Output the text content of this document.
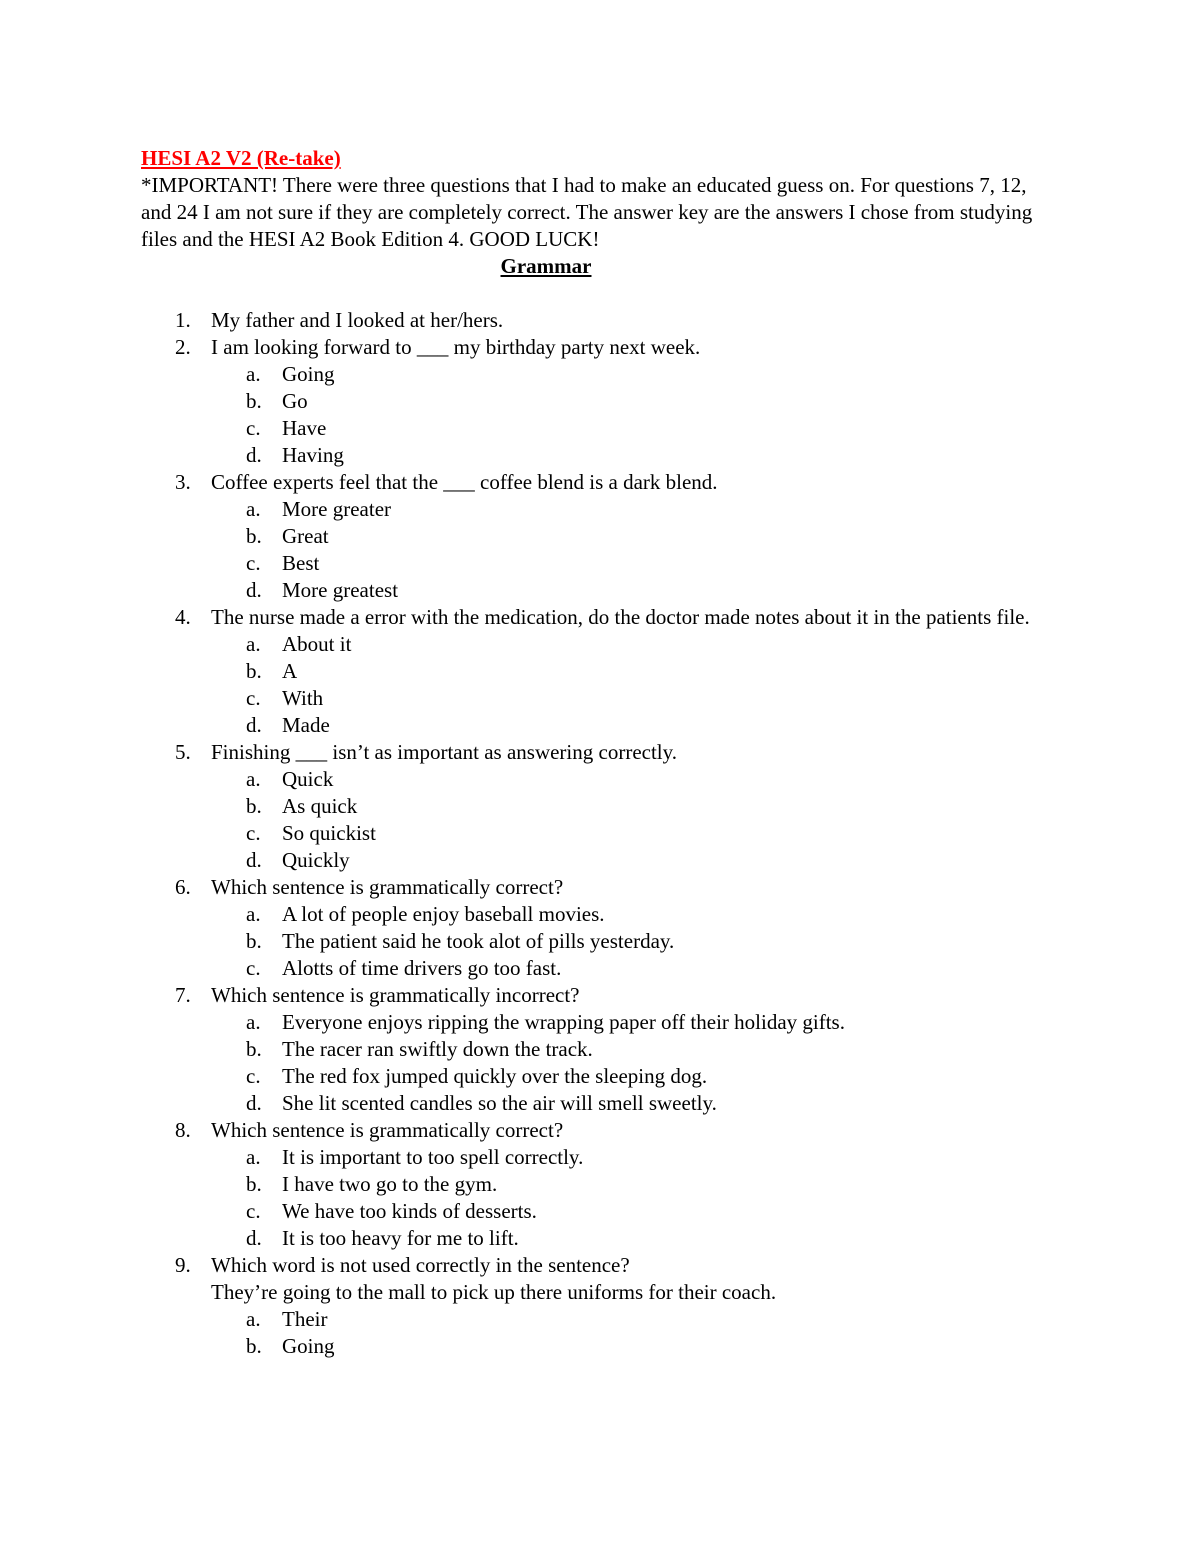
HESI A2 V2 (Re-take)

*IMPORTANT! There were three questions that I had to make an educated guess on. For questions 7, 12, and 24 I am not sure if they are completely correct. The answer key are the answers I chose from studying files and the HESI A2 Book Edition 4. GOOD LUCK!

Grammar
1. My father and I looked at her/hers.
2. I am looking forward to ___ my birthday party next week.
a. Going
b. Go
c. Have
d. Having
3. Coffee experts feel that the ___ coffee blend is a dark blend.
a. More greater
b. Great
c. Best
d. More greatest
4. The nurse made a error with the medication, do the doctor made notes about it in the patients file.
a. About it
b. A
c. With
d. Made
5. Finishing ___ isn’t as important as answering correctly.
a. Quick
b. As quick
c. So quickist
d. Quickly
6. Which sentence is grammatically correct?
a. A lot of people enjoy baseball movies.
b. The patient said he took alot of pills yesterday.
c. Alotts of time drivers go too fast.
7. Which sentence is grammatically incorrect?
a. Everyone enjoys ripping the wrapping paper off their holiday gifts.
b. The racer ran swiftly down the track.
c. The red fox jumped quickly over the sleeping dog.
d. She lit scented candles so the air will smell sweetly.
8. Which sentence is grammatically correct?
a. It is important to too spell correctly.
b. I have two go to the gym.
c. We have too kinds of desserts.
d. It is too heavy for me to lift.
9. Which word is not used correctly in the sentence?
They’re going to the mall to pick up there uniforms for their coach.
a. Their
b. Going
